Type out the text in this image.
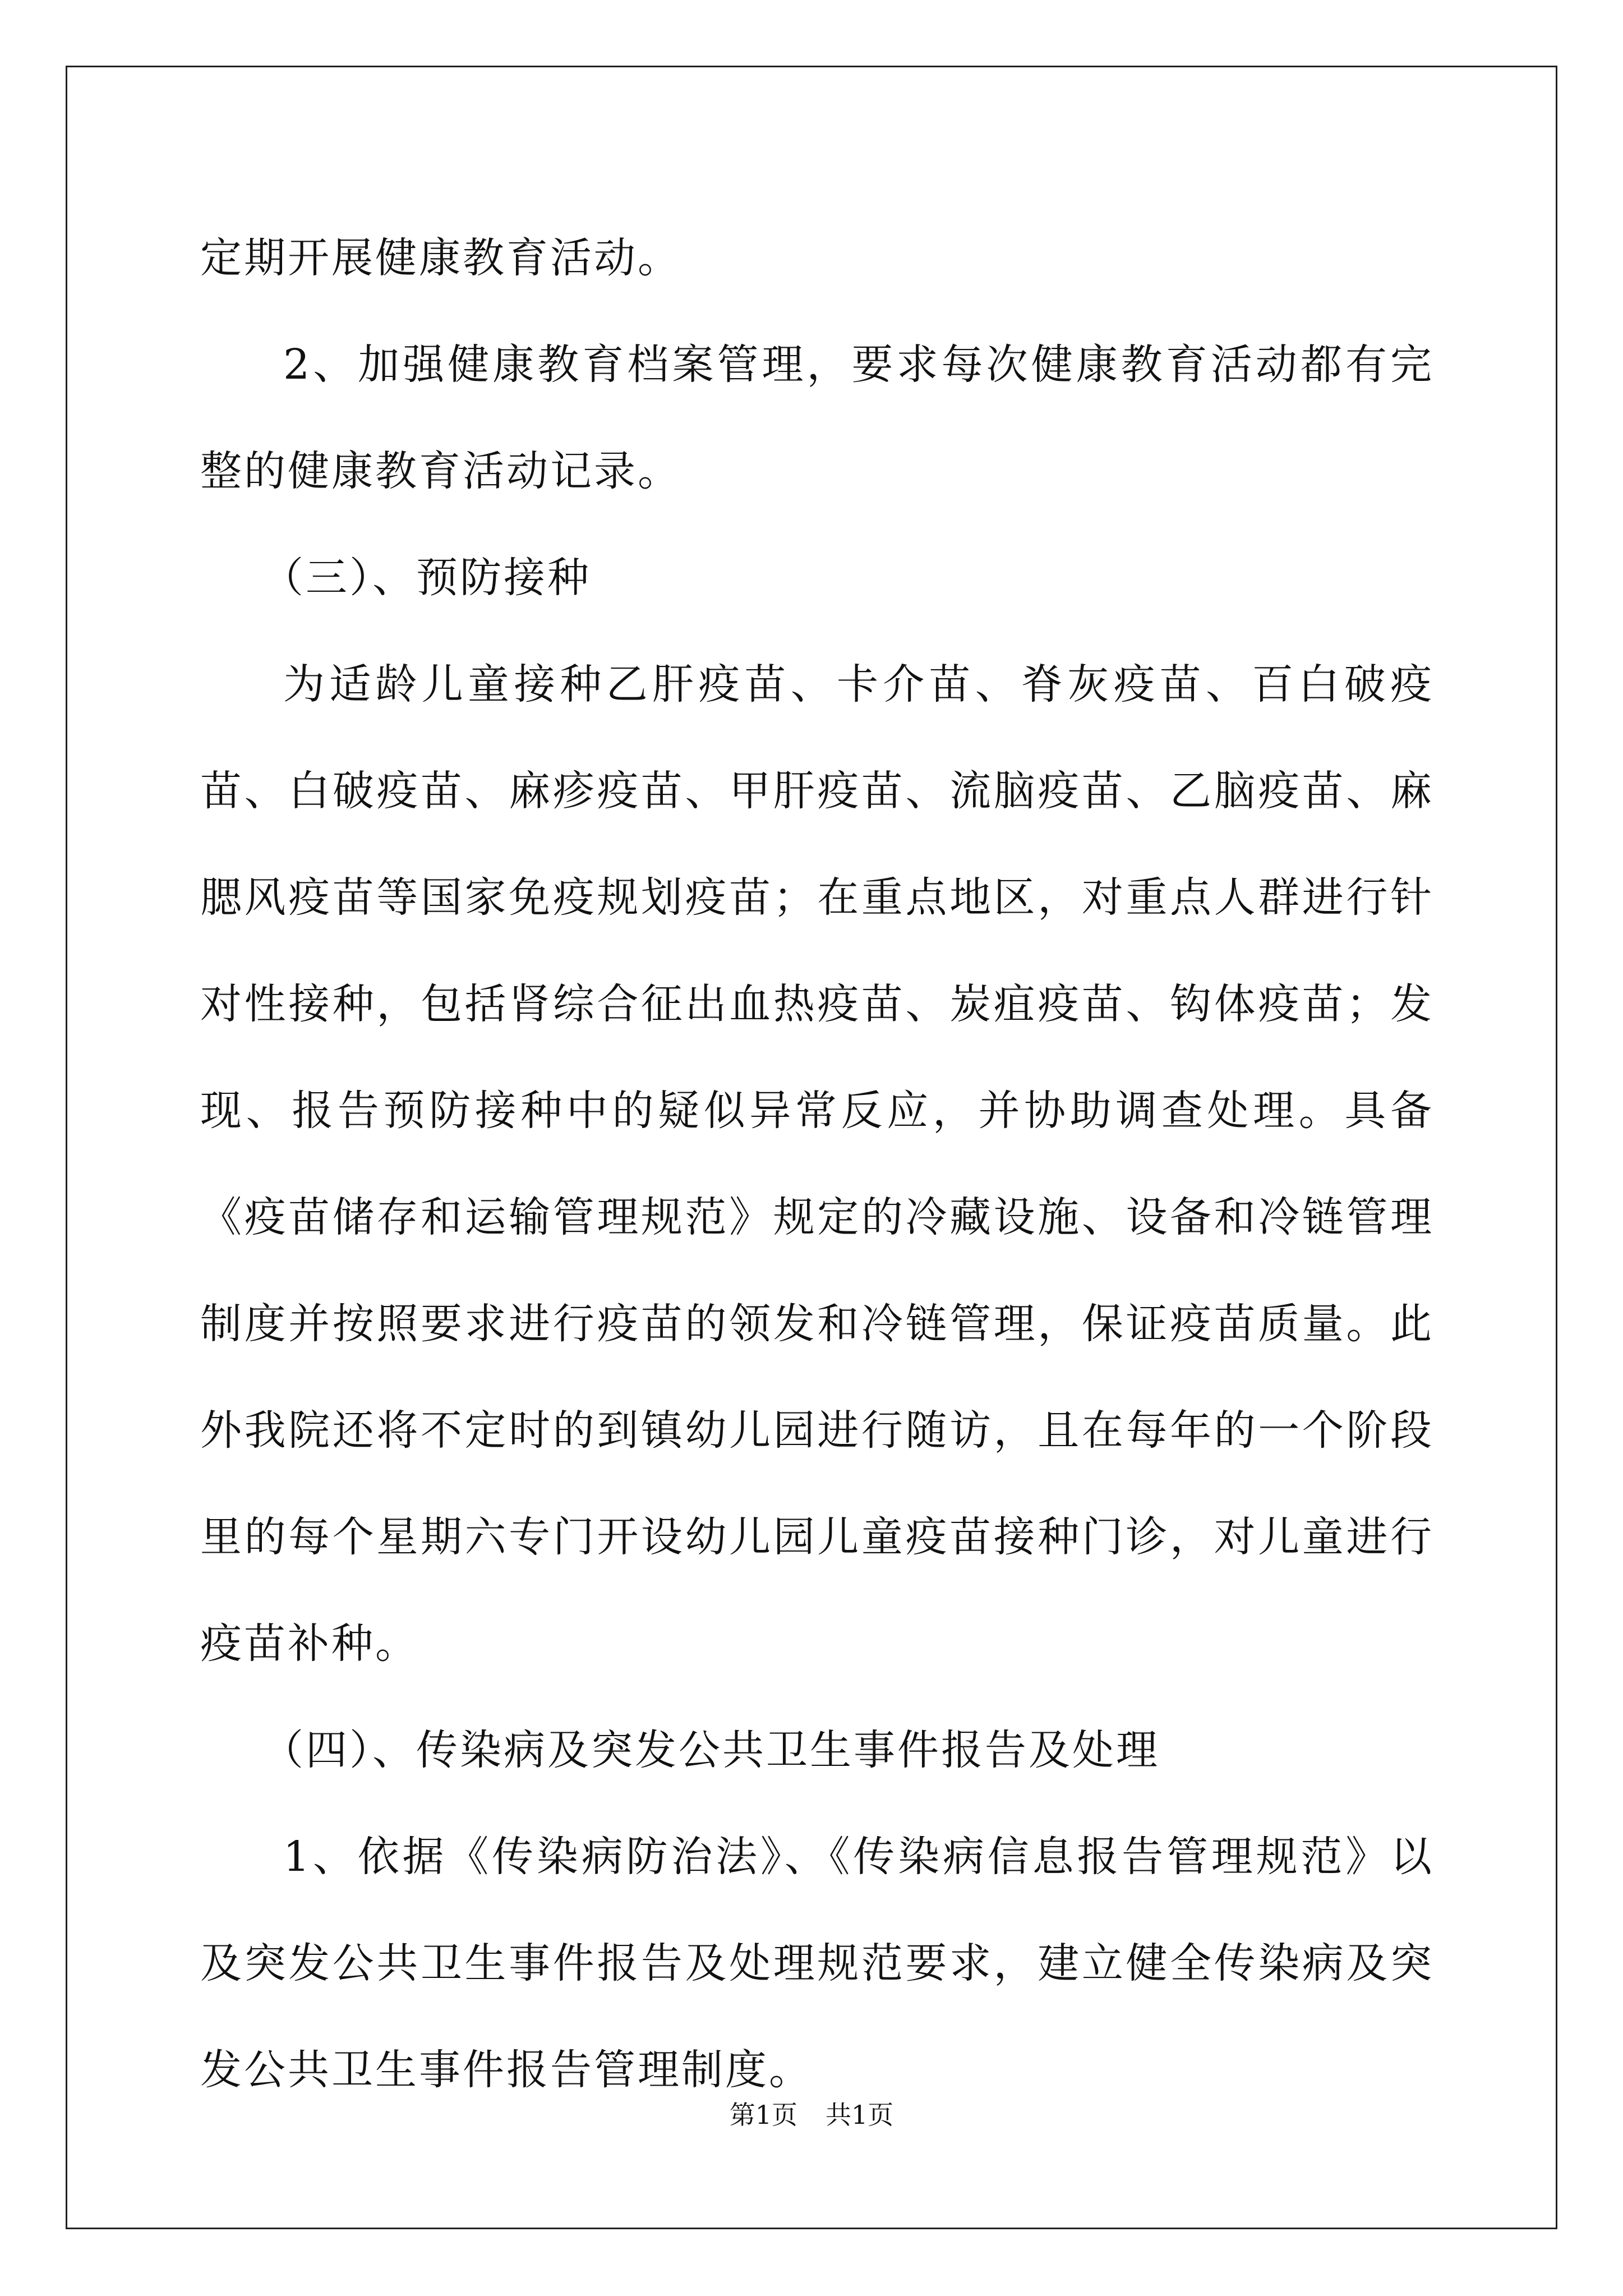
定期开展健康教育活动。

2、加强健康教育档案管理，要求每次健康教育活动都有完整的健康教育活动记录。

（三）、预防接种

为适龄儿童接种乙肝疫苗、卡介苗、脊灰疫苗、百白破疫苗、白破疫苗、麻疹疫苗、甲肝疫苗、流脑疫苗、乙脑疫苗、麻腮风疫苗等国家免疫规划疫苗；在重点地区，对重点人群进行针对性接种，包括肾综合征出血热疫苗、炭疽疫苗、钩体疫苗；发现、报告预防接种中的疑似异常反应，并协助调查处理。具备《疫苗储存和运输管理规范》规定的冷藏设施、设备和冷链管理制度并按照要求进行疫苗的领发和冷链管理，保证疫苗质量。此外我院还将不定时的到镇幼儿园进行随访，且在每年的一个阶段里的每个星期六专门开设幼儿园儿童疫苗接种门诊，对儿童进行疫苗补种。

（四）、传染病及突发公共卫生事件报告及处理

1、依据《传染病防治法》、《传染病信息报告管理规范》以及突发公共卫生事件报告及处理规范要求，建立健全传染病及突发公共卫生事件报告管理制度。

第1页 共1页
